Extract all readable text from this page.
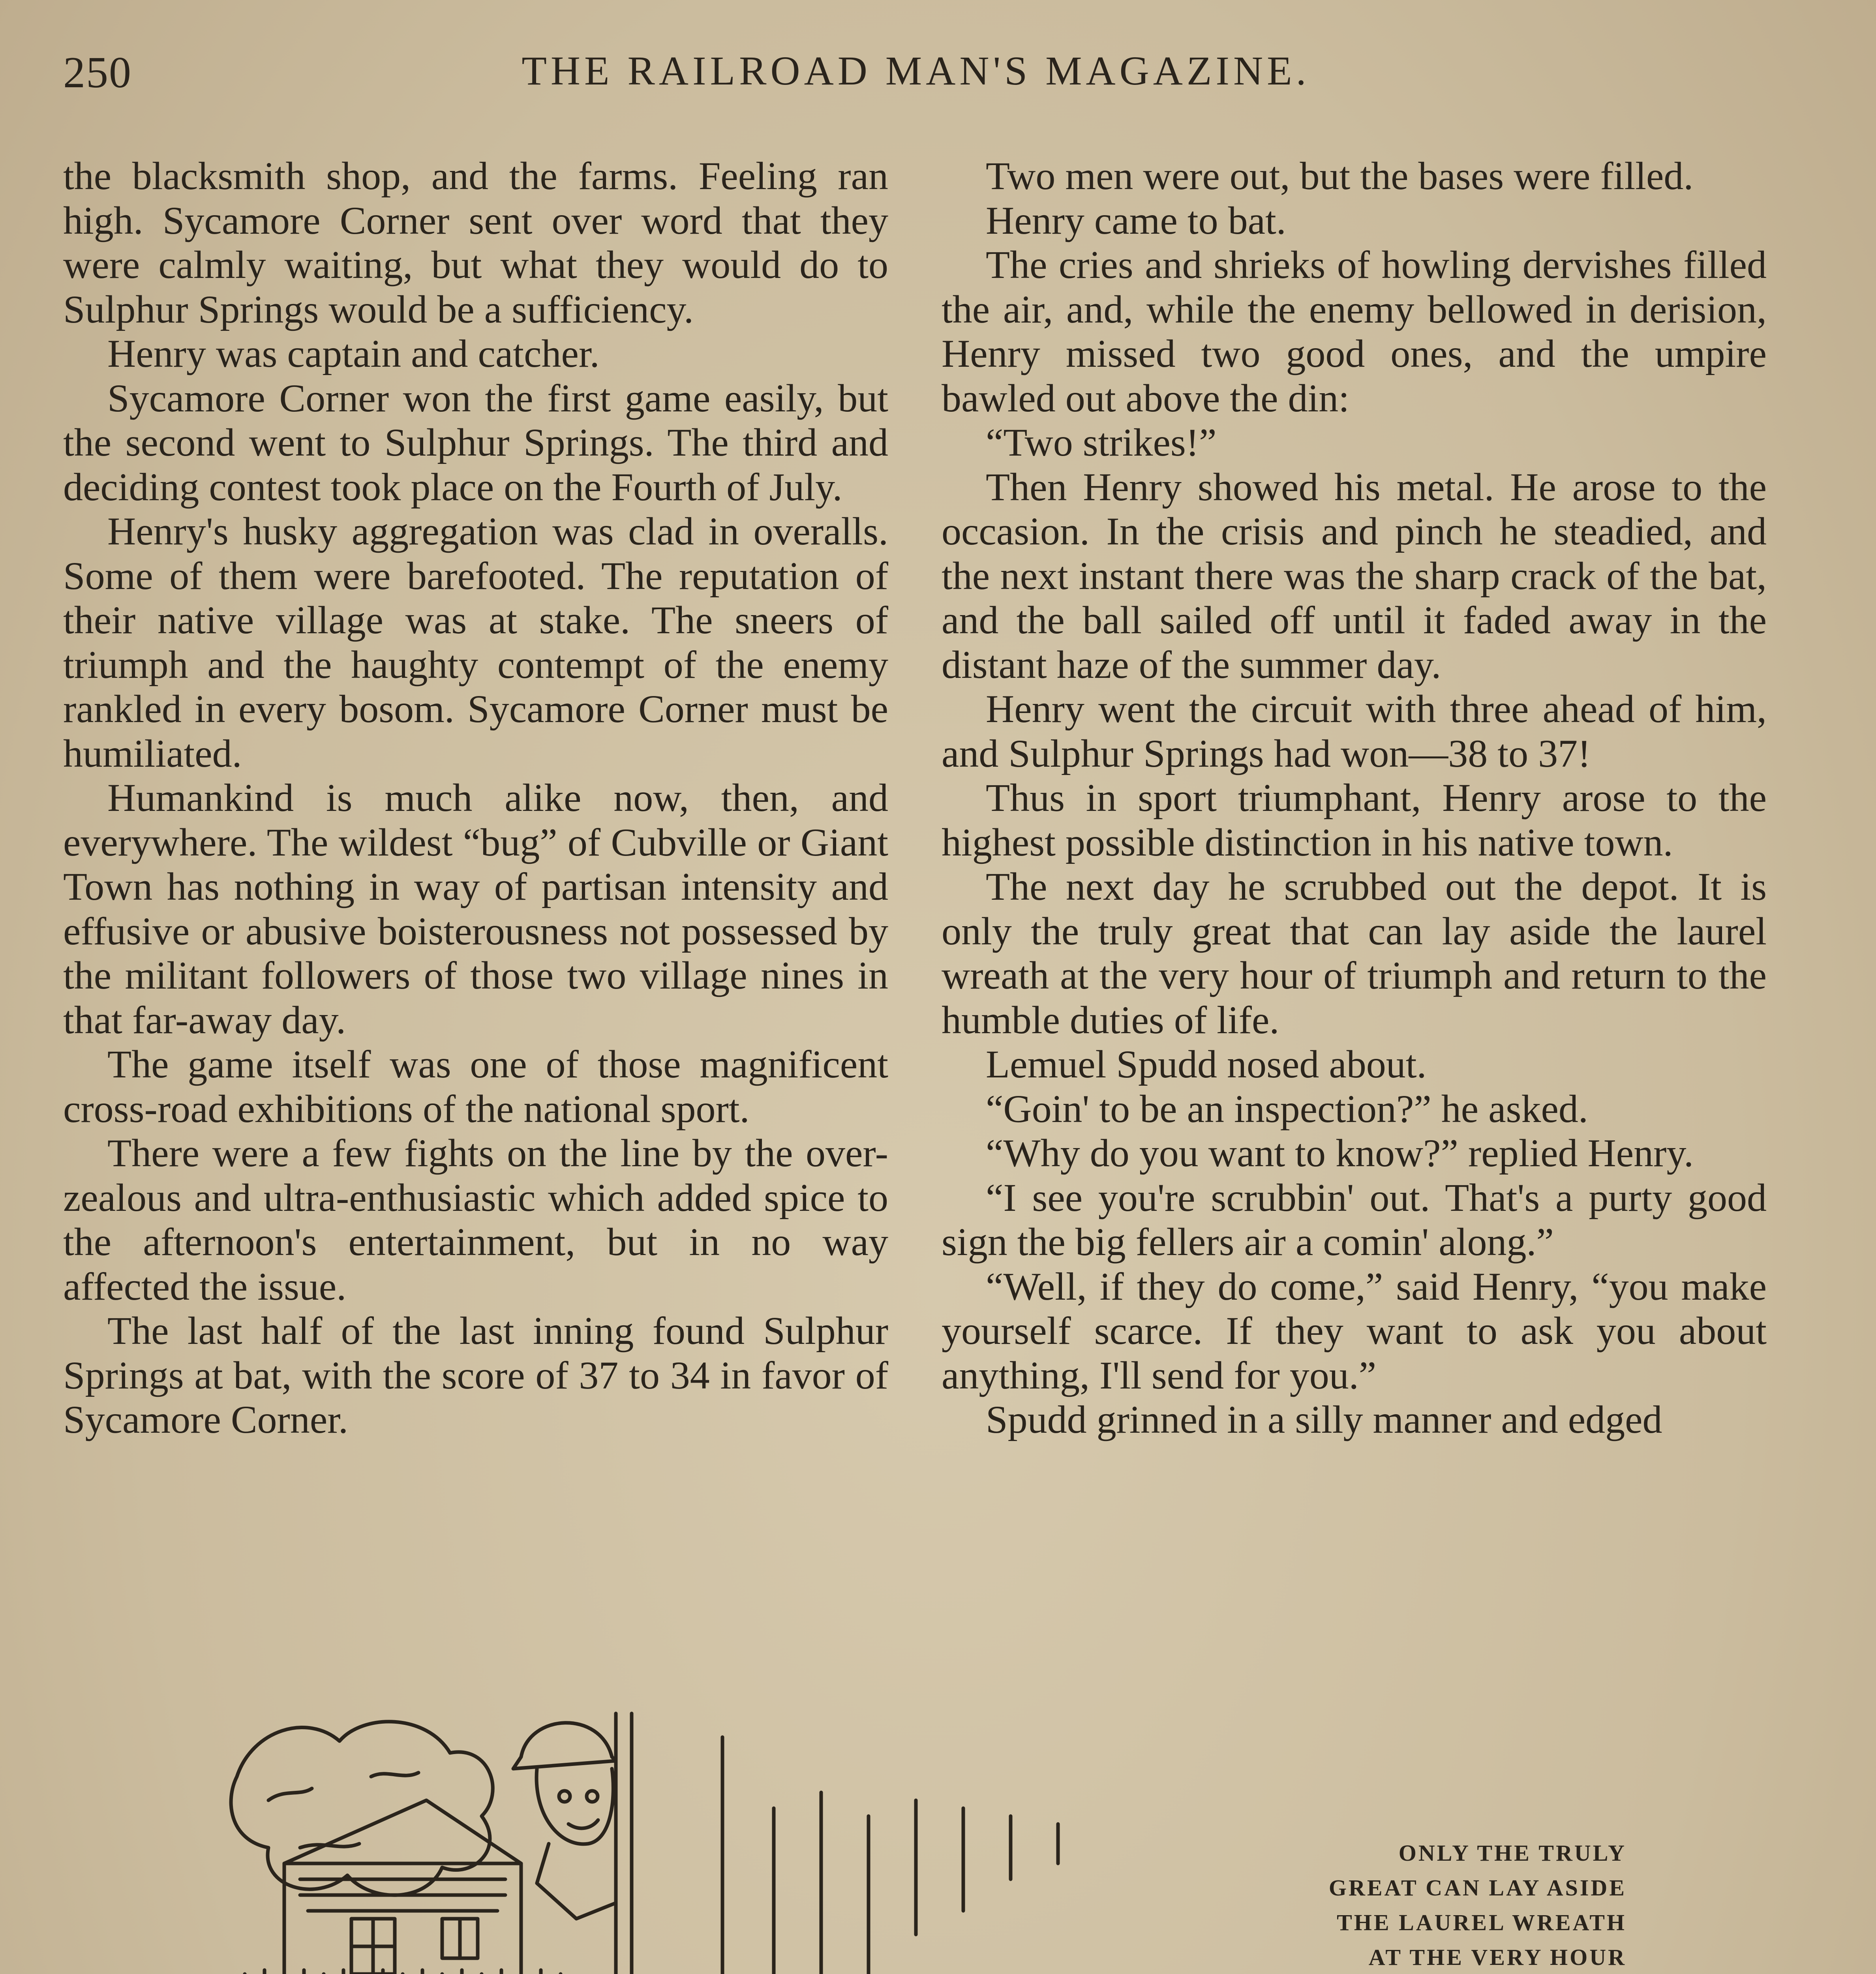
250	THE RAILROAD MAN'S MAGAZINE.

the blacksmith shop, and the farms. Feeling ran high. Sycamore Corner sent over word that they were calmly waiting, but what they would do to Sulphur Springs would be a sufficiency.

Henry was captain and catcher.

Sycamore Corner won the first game easily, but the second went to Sulphur Springs. The third and deciding contest took place on the Fourth of July.

Henry's husky aggregation was clad in overalls. Some of them were barefooted. The reputation of their native village was at stake. The sneers of triumph and the haughty contempt of the enemy rankled in every bosom. Sycamore Corner must be humiliated.

Humankind is much alike now, then, and everywhere. The wildest “bug” of Cubville or Giant Town has nothing in way of partisan intensity and effusive or abusive boisterousness not possessed by the militant followers of those two village nines in that far-away day.

The game itself was one of those magnificent cross-road exhibitions of the national sport.

There were a few fights on the line by the over-zealous and ultra-enthusiastic which added spice to the afternoon's entertainment, but in no way affected the issue.

The last half of the last inning found Sulphur Springs at bat, with the score of 37 to 34 in favor of Sycamore Corner.

Two men were out, but the bases were filled.

Henry came to bat.

The cries and shrieks of howling dervishes filled the air, and, while the enemy bellowed in derision, Henry missed two good ones, and the umpire bawled out above the din:

“Two strikes!”

Then Henry showed his metal. He arose to the occasion. In the crisis and pinch he steadied, and the next instant there was the sharp crack of the bat, and the ball sailed off until it faded away in the distant haze of the summer day.

Henry went the circuit with three ahead of him, and Sulphur Springs had won—38 to 37!

Thus in sport triumphant, Henry arose to the highest possible distinction in his native town.

The next day he scrubbed out the depot. It is only the truly great that can lay aside the laurel wreath at the very hour of triumph and return to the humble duties of life.

Lemuel Spudd nosed about.

“Goin' to be an inspection?” he asked.

“Why do you want to know?” replied Henry.

“I see you're scrubbin' out. That's a purty good sign the big fellers air a comin' along.”

“Well, if they do come,” said Henry, “you make yourself scarce. If they want to ask you about anything, I'll send for you.”

Spudd grinned in a silly manner and edged

ONLY THE TRULY
GREAT CAN LAY ASIDE
THE LAUREL WREATH
AT THE VERY HOUR
